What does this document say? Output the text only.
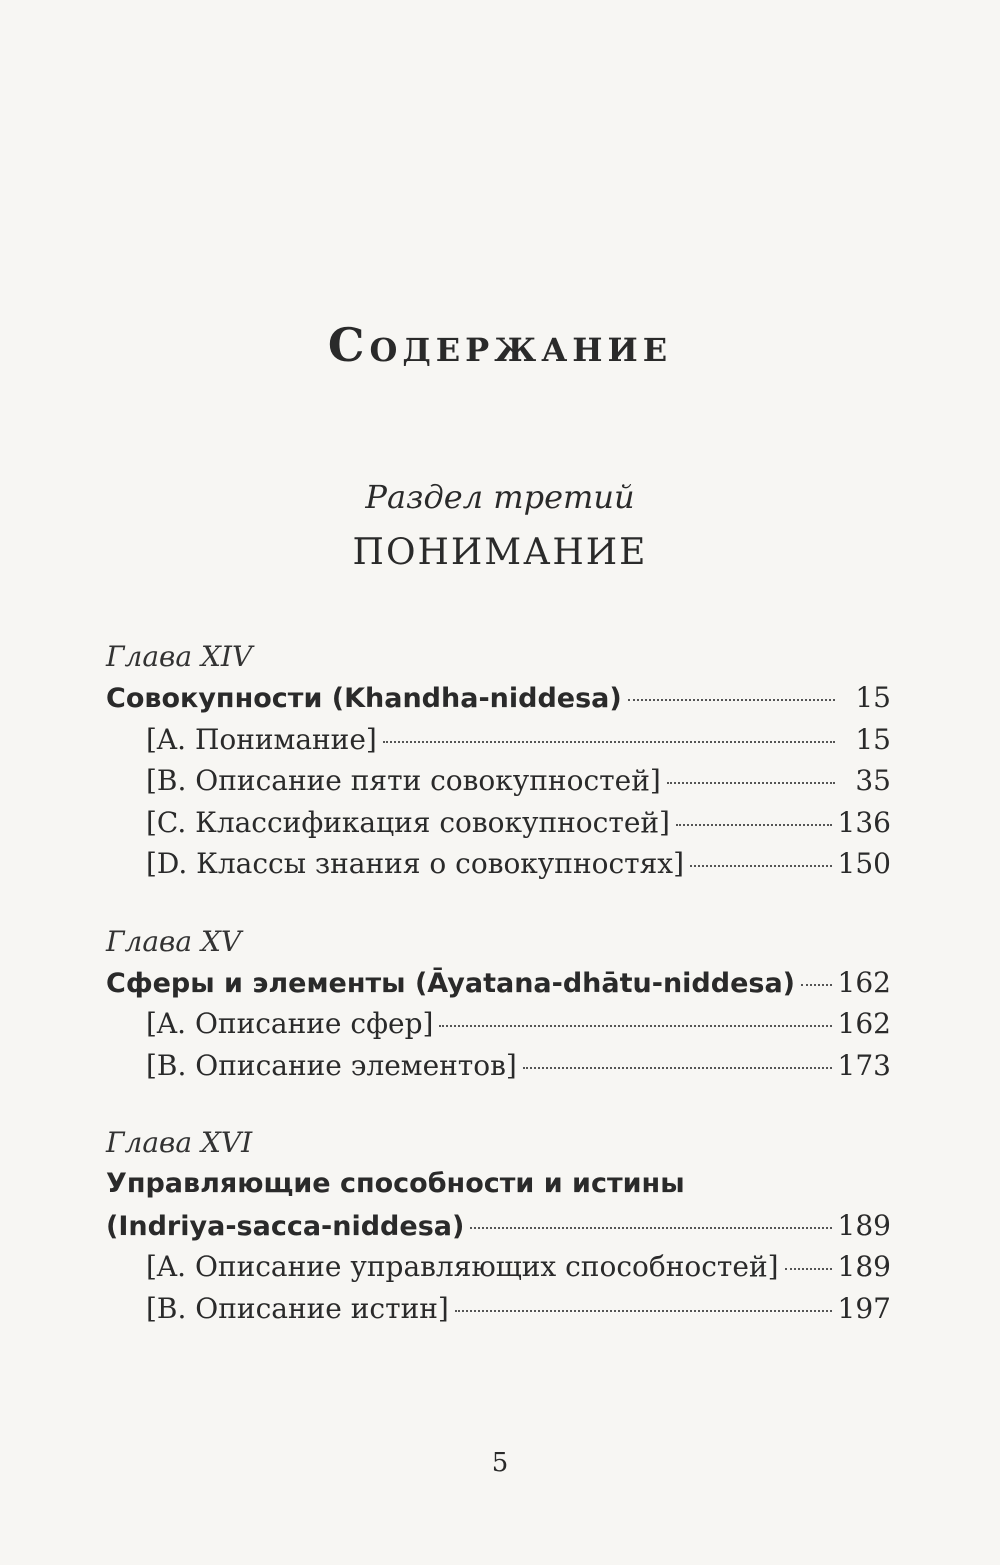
Содержание
Раздел третий
ПОНИМАНИЕ
Глава XIV
Совокупности (Khandha-niddesa)	15
[A. Понимание]	15
[B. Описание пяти совокупностей]	35
[C. Классификация совокупностей]	136
[D. Классы знания о совокупностях]	150
Глава XV
Сферы и элементы (Āyatana-dhātu-niddesa) 162
[A. Описание сфер]	162
[B. Описание элементов]	173
Глава XVI
Управляющие способности и истины
(Indriya-sacca-niddesa)	189
[A. Описание управляющих способностей] 189
[B. Описание истин]	197
5
